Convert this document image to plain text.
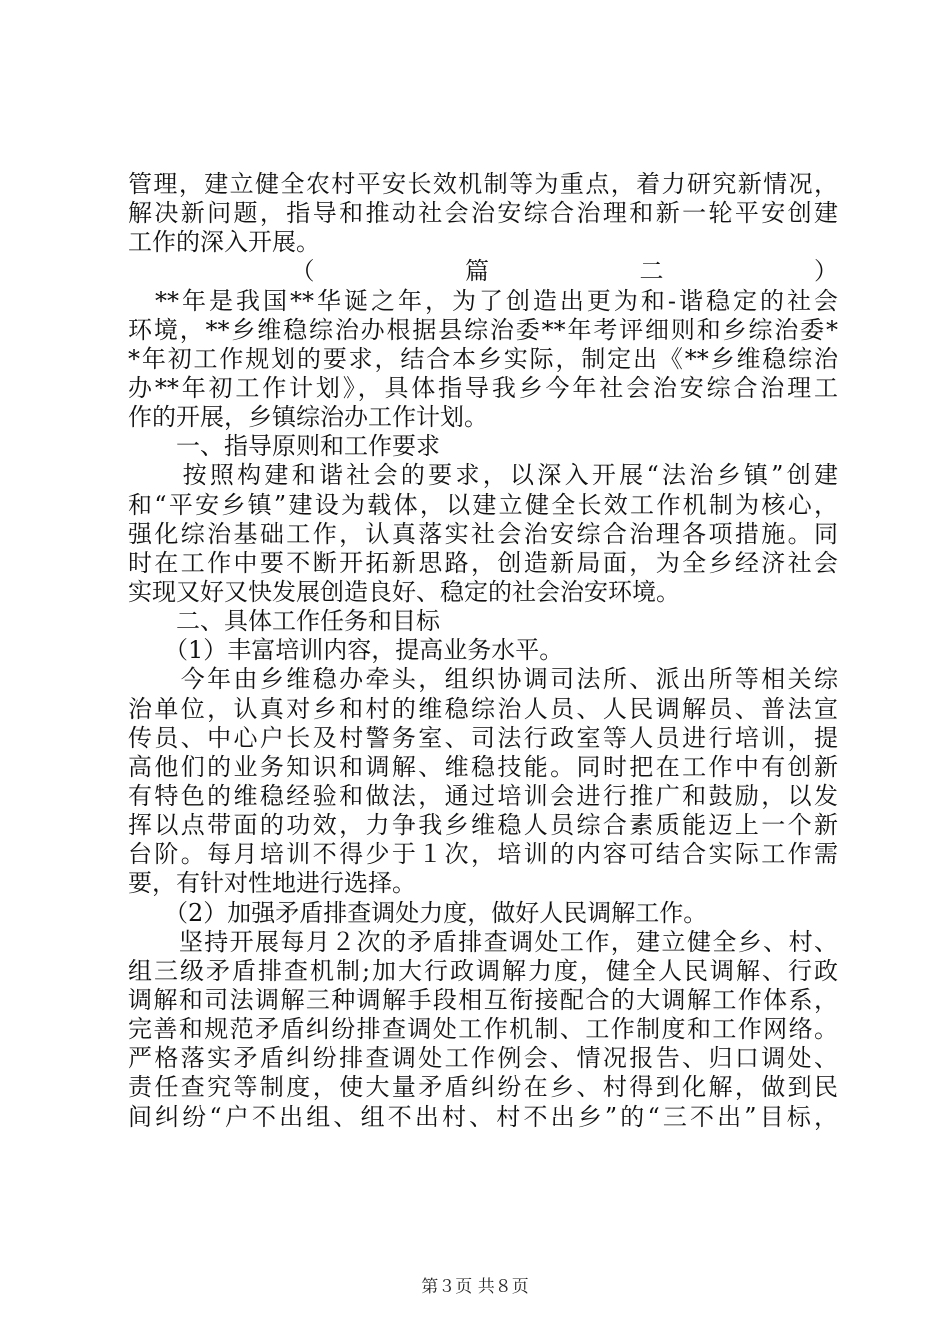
管理，建立健全农村平安长效机制等为重点，着力研究新情况，
解决新问题，指导和推动社会治安综合治理和新一轮平安创建
工作的深入开展。
　（篇二）
　**年是我国**华诞之年，为了创造出更为和-谐稳定的社会
环境，**乡维稳综治办根据县综治委**年考评细则和乡综治委*
*年初工作规划的要求，结合本乡实际，制定出《**乡维稳综治
办**年初工作计划》，具体指导我乡今年社会治安综合治理工
作的开展，乡镇综治办工作计划。
　　一、指导原则和工作要求
　　按照构建和谐社会的要求，以深入开展“法治乡镇”创建
和“平安乡镇”建设为载体，以建立健全长效工作机制为核心，
强化综治基础工作，认真落实社会治安综合治理各项措施。同
时在工作中要不断开拓新思路，创造新局面，为全乡经济社会
实现又好又快发展创造良好、稳定的社会治安环境。
　　二、具体工作任务和目标
　　（1）丰富培训内容，提高业务水平。
　　今年由乡维稳办牵头，组织协调司法所、派出所等相关综
治单位，认真对乡和村的维稳综治人员、人民调解员、普法宣
传员、中心户长及村警务室、司法行政室等人员进行培训，提
高他们的业务知识和调解、维稳技能。同时把在工作中有创新
有特色的维稳经验和做法，通过培训会进行推广和鼓励，以发
挥以点带面的功效，力争我乡维稳人员综合素质能迈上一个新
台阶。每月培训不得少于１次，培训的内容可结合实际工作需
要，有针对性地进行选择。
　　（2）加强矛盾排查调处力度，做好人民调解工作。
　　坚持开展每月２次的矛盾排查调处工作，建立健全乡、村、
组三级矛盾排查机制;加大行政调解力度，健全人民调解、行政
调解和司法调解三种调解手段相互衔接配合的大调解工作体系，
完善和规范矛盾纠纷排查调处工作机制、工作制度和工作网络。
严格落实矛盾纠纷排查调处工作例会、情况报告、归口调处、
责任查究等制度，使大量矛盾纠纷在乡、村得到化解，做到民
间纠纷“户不出组、组不出村、村不出乡”的“三不出”目标，
第３页 共８页
